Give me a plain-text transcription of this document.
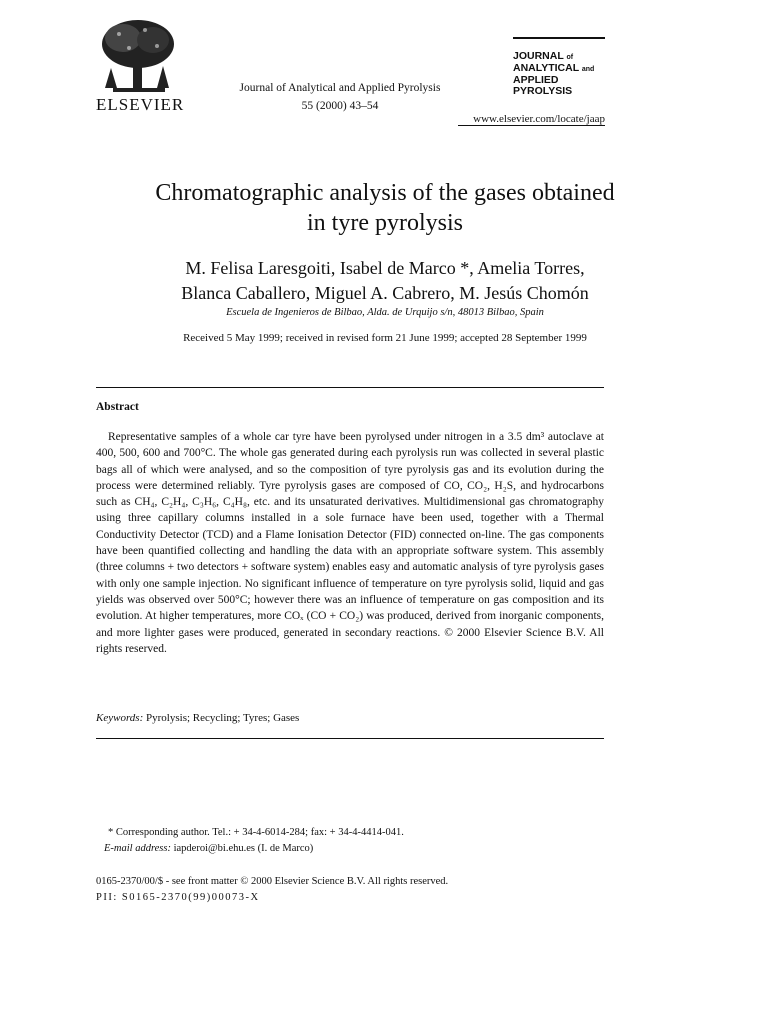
ELSEVIER
Journal of Analytical and Applied Pyrolysis
55 (2000) 43–54
JOURNAL of
ANALYTICAL and
APPLIED PYROLYSIS
www.elsevier.com/locate/jaap
Chromatographic analysis of the gases obtained
in tyre pyrolysis
M. Felisa Laresgoiti, Isabel de Marco *, Amelia Torres,
Blanca Caballero, Miguel A. Cabrero, M. Jesús Chomón
Escuela de Ingenieros de Bilbao, Alda. de Urquijo s/n, 48013 Bilbao, Spain
Received 5 May 1999; received in revised form 21 June 1999; accepted 28 September 1999
Abstract

Representative samples of a whole car tyre have been pyrolysed under nitrogen in a 3.5 dm³ autoclave at 400, 500, 600 and 700°C. The whole gas generated during each pyrolysis run was collected in several plastic bags all of which were analysed, and so the composition of tyre pyrolysis gas and its evolution during the process were determined reliably. Tyre pyrolysis gases are composed of CO, CO₂, H₂S, and hydrocarbons such as CH₄, C₂H₄, C₃H₆, C₄H₈, etc. and its unsaturated derivatives. Multidimensional gas chromatography using three capillary columns installed in a sole furnace have been used, together with a Thermal Conductivity Detector (TCD) and a Flame Ionisation Detector (FID) connected on-line. The gas components have been quantified collecting and handling the data with an appropriate software system. This assembly (three columns + two detectors + software system) enables easy and automatic analysis of tyre pyrolysis gases with only one sample injection. No significant influence of temperature on tyre pyrolysis solid, liquid and gas yields was observed over 500°C; however there was an influence of temperature on gas composition and its evolution. At higher temperatures, more COₓ (CO + CO₂) was produced, derived from inorganic components, and more lighter gases were produced, generated in secondary reactions. © 2000 Elsevier Science B.V. All rights reserved.

Keywords: Pyrolysis; Recycling; Tyres; Gases
* Corresponding author. Tel.: + 34-4-6014-284; fax: + 34-4-4414-041.
E-mail address: iapderoi@bi.ehu.es (I. de Marco)
0165-2370/00/$ - see front matter © 2000 Elsevier Science B.V. All rights reserved.
PII: S0165-2370(99)00073-X
